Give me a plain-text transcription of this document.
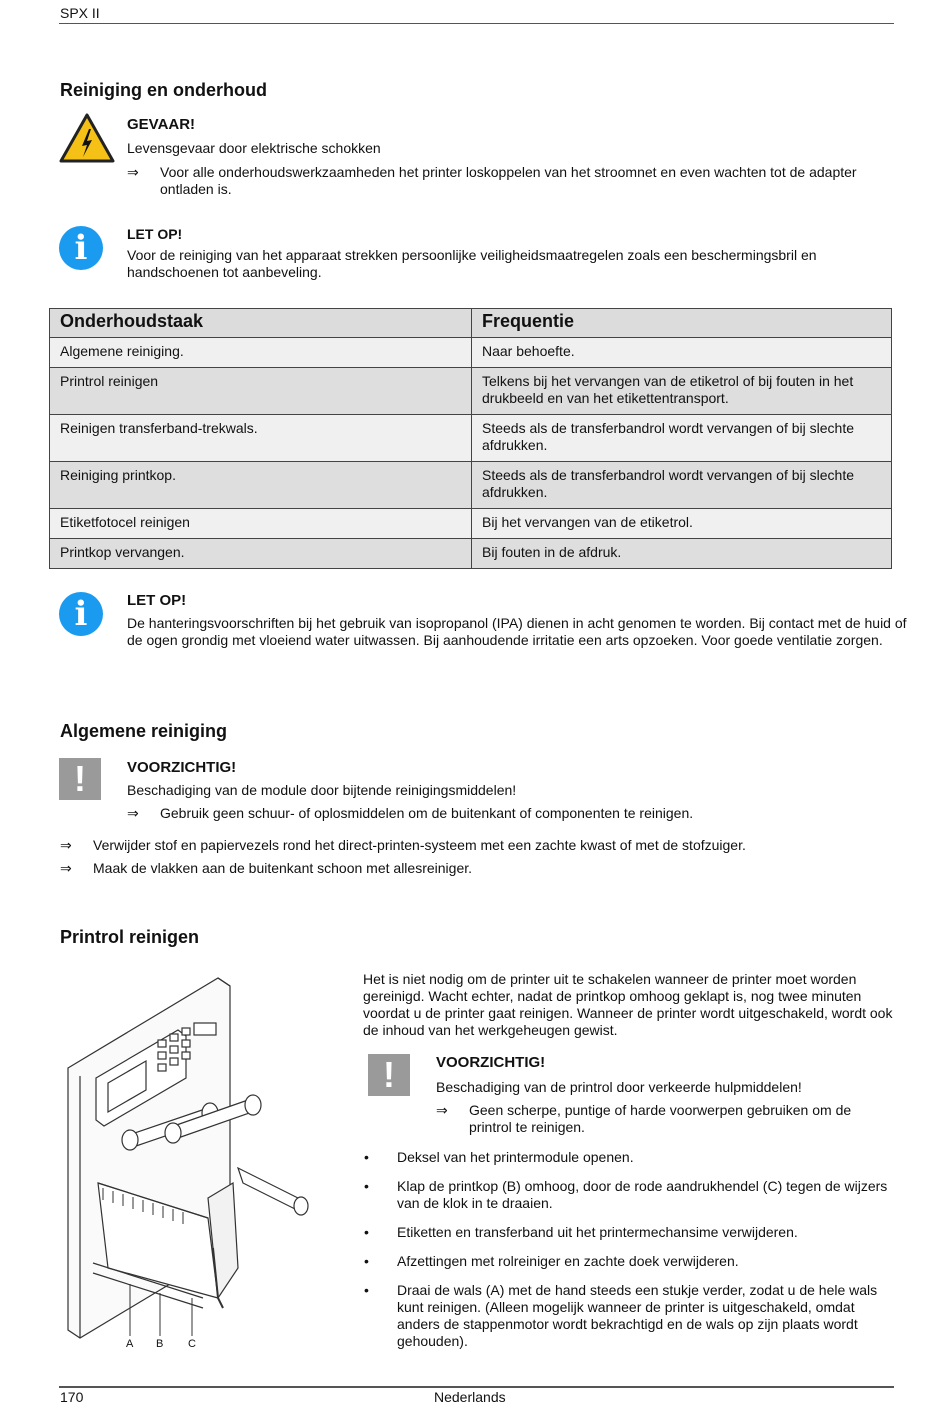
SPX II
Reiniging en onderhoud
GEVAAR!
Levensgevaar door elektrische schokken
⇒	Voor alle onderhoudswerkzaamheden het printer loskoppelen van het stroomnet en even wachten tot de adapter ontladen is.
i	LET OP!
Voor de reiniging van het apparaat strekken persoonlijke veiligheidsmaatregelen zoals een beschermingsbril en handschoenen tot aanbeveling.
Onderhoudstaak	Frequentie
Algemene reiniging.	Naar behoefte.
Printrol reinigen	Telkens bij het vervangen van de etiketrol of bij fouten in het drukbeeld en van het etikettentransport.
Reinigen transferband-trekwals.	Steeds als de transferbandrol wordt vervangen of bij slechte afdrukken.
Reiniging printkop.	Steeds als de transferbandrol wordt vervangen of bij slechte afdrukken.
Etiketfotocel reinigen	Bij het vervangen van de etiketrol.
Printkop vervangen.	Bij fouten in de afdruk.
i	LET OP!
De hanteringsvoorschriften bij het gebruik van isopropanol (IPA) dienen in acht genomen te worden. Bij contact met de huid of de ogen grondig met vloeiend water uitwassen. Bij aanhoudende irritatie een arts opzoeken. Voor goede ventilatie zorgen.
Algemene reiniging
!	VOORZICHTIG!
Beschadiging van de module door bijtende reinigingsmiddelen!
⇒	Gebruik geen schuur- of oplosmiddelen om de buitenkant of componenten te reinigen.
⇒	Verwijder stof en papiervezels rond het direct-printen-systeem met een zachte kwast of met de stofzuiger.
⇒	Maak de vlakken aan de buitenkant schoon met allesreiniger.
Printrol reinigen
A B C
Het is niet nodig om de printer uit te schakelen wanneer de printer moet worden gereinigd. Wacht echter, nadat de printkop omhoog geklapt is, nog twee minuten voordat u de printer gaat reinigen. Wanneer de printer wordt uitgeschakeld, wordt ook de inhoud van het werkgeheugen gewist.
!	VOORZICHTIG!
Beschadiging van de printrol door verkeerde hulpmiddelen!
⇒	Geen scherpe, puntige of harde voorwerpen gebruiken om de printrol te reinigen.
•	Deksel van het printermodule openen.
•	Klap de printkop (B) omhoog, door de rode aandrukhendel (C) tegen de wijzers van de klok in te draaien.
•	Etiketten en transferband uit het printermechansime verwijderen.
•	Afzettingen met rolreiniger en zachte doek verwijderen.
•	Draai de wals (A) met de hand steeds een stukje verder, zodat u de hele wals kunt reinigen. (Alleen mogelijk wanneer de printer is uitgeschakeld, omdat anders de stappenmotor wordt bekrachtigd en de wals op zijn plaats wordt gehouden).
170	Nederlands
